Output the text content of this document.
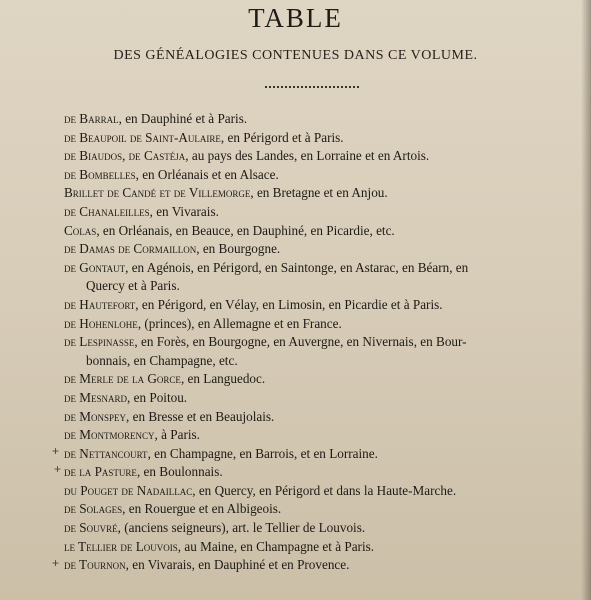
TABLE
DES GÉNÉALOGIES CONTENUES DANS CE VOLUME.
de Barral, en Dauphiné et à Paris.
de Beaupoil de Saint-Aulaire, en Périgord et à Paris.
de Biaudos, de Castéja, au pays des Landes, en Lorraine et en Artois.
de Bombelles, en Orléanais et en Alsace.
Brillet de Candé et de Villemorge, en Bretagne et en Anjou.
de Chanaleilles, en Vivarais.
Colas, en Orléanais, en Beauce, en Dauphiné, en Picardie, etc.
de Damas de Cormaillon, en Bourgogne.
de Gontaut, en Agénois, en Périgord, en Saintonge, en Astarac, en Béarn, en
Quercy et à Paris.
de Hautefort, en Périgord, en Vélay, en Limosin, en Picardie et à Paris.
de Hohenlohe, (princes), en Allemagne et en France.
de Lespinasse, en Forès, en Bourgogne, en Auvergne, en Nivernais, en Bour-
bonnais, en Champagne, etc.
de Merle de la Gorce, en Languedoc.
de Mesnard, en Poitou.
de Monspey, en Bresse et en Beaujolais.
de Montmorency, à Paris.
de Nettancourt, en Champagne, en Barrois, et en Lorraine.
de la Pasture, en Boulonnais.
du Pouget de Nadaillac, en Quercy, en Périgord et dans la Haute-Marche.
de Solages, en Rouergue et en Albigeois.
de Souvré, (anciens seigneurs), art. le Tellier de Louvois.
le Tellier de Louvois, au Maine, en Champagne et à Paris.
de Tournon, en Vivarais, en Dauphiné et en Provence.
+
+
+
